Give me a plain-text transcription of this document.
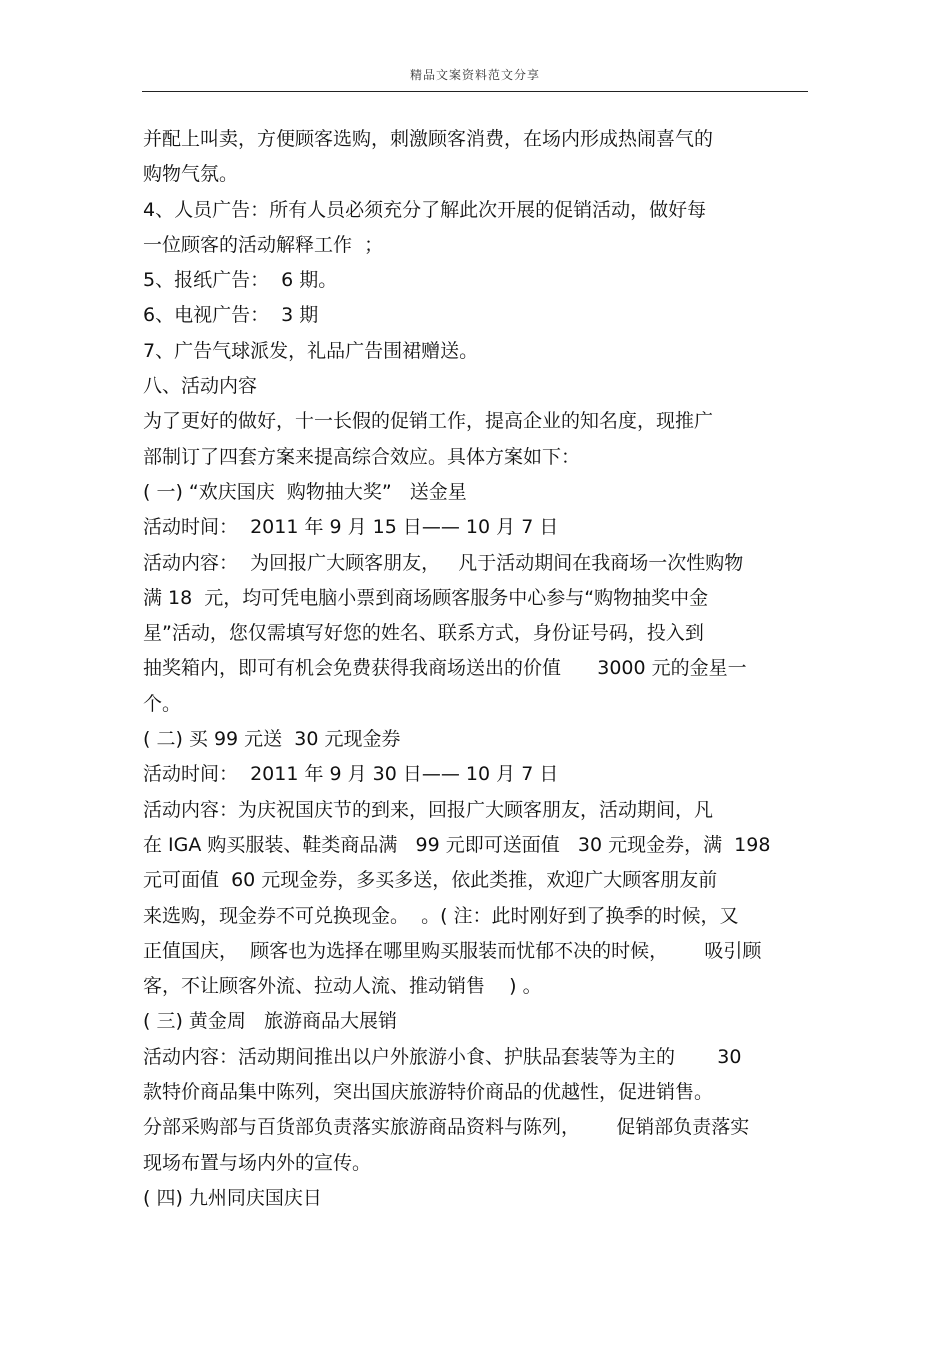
精品文案资料范文分享
并配上叫卖，方便顾客选购，刺激顾客消费，在场内形成热闹喜气的
购物气氛。
4、人员广告：所有人员必须充分了解此次开展的促销活动，做好每
一位顾客的活动解释工作  ；
5、报纸广告：  6 期。
6、电视广告：  3 期
7、广告气球派发，礼品广告围裙赠送。
八、活动内容
为了更好的做好，十一长假的促销工作，提高企业的知名度，现推广
部制订了四套方案来提高综合效应。具体方案如下：
( 一) “欢庆国庆  购物抽大奖”   送金星
活动时间：  2011 年 9 月 15 日—— 10 月 7 日
活动内容：  为回报广大顾客朋友，   凡于活动期间在我商场一次性购物
满 18  元，均可凭电脑小票到商场顾客服务中心参与“购物抽奖中金
星”活动，您仅需填写好您的姓名、联系方式，身份证号码，投入到
抽奖箱内，即可有机会免费获得我商场送出的价值      3000 元的金星一
个。
( 二) 买 99 元送  30 元现金券
活动时间：  2011 年 9 月 30 日—— 10 月 7 日
活动内容：为庆祝国庆节的到来，回报广大顾客朋友，活动期间，凡
在 IGA 购买服装、鞋类商品满   99 元即可送面值   30 元现金券，满  198
元可面值  60 元现金券，多买多送，依此类推，欢迎广大顾客朋友前
来选购，现金券不可兑换现金。  。( 注：此时刚好到了换季的时候，又
正值国庆，  顾客也为选择在哪里购买服装而忧郁不决的时候，      吸引顾
客，不让顾客外流、拉动人流、推动销售    ) 。
( 三) 黄金周   旅游商品大展销
活动内容：活动期间推出以户外旅游小食、护肤品套装等为主的       30
款特价商品集中陈列，突出国庆旅游特价商品的优越性，促进销售。
分部采购部与百货部负责落实旅游商品资料与陈列，      促销部负责落实
现场布置与场内外的宣传。
( 四) 九州同庆国庆日
